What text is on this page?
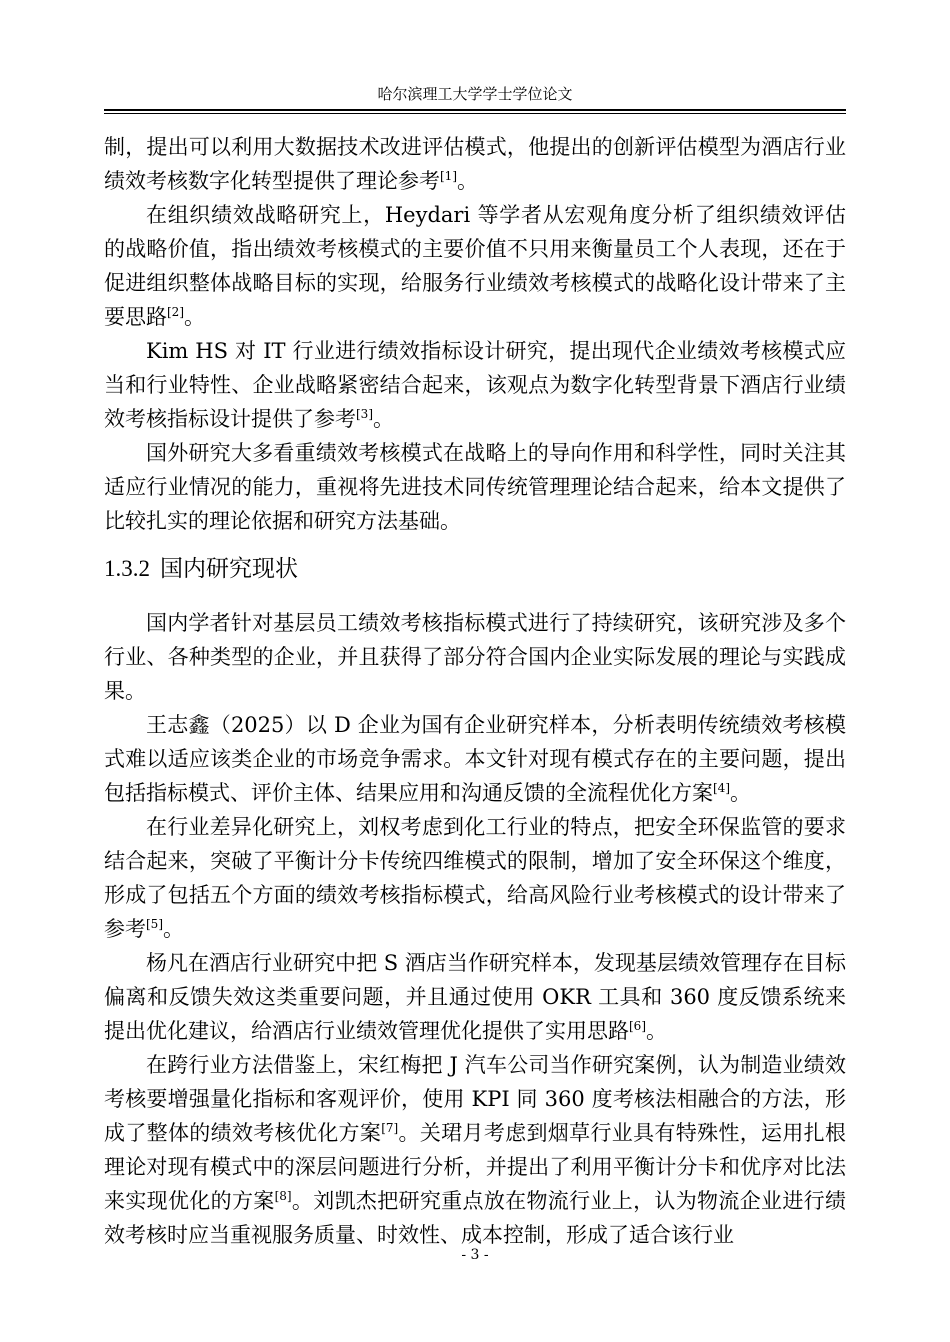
哈尔滨理工大学学士学位论文

制，提出可以利用大数据技术改进评估模式，他提出的创新评估模型为酒店行业绩效考核数字化转型提供了理论参考[1]。

在组织绩效战略研究上，Heydari 等学者从宏观角度分析了组织绩效评估的战略价值，指出绩效考核模式的主要价值不只用来衡量员工个人表现，还在于促进组织整体战略目标的实现，给服务行业绩效考核模式的战略化设计带来了主要思路[2]。

Kim HS 对 IT 行业进行绩效指标设计研究，提出现代企业绩效考核模式应当和行业特性、企业战略紧密结合起来，该观点为数字化转型背景下酒店行业绩效考核指标设计提供了参考[3]。

国外研究大多看重绩效考核模式在战略上的导向作用和科学性，同时关注其适应行业情况的能力，重视将先进技术同传统管理理论结合起来，给本文提供了比较扎实的理论依据和研究方法基础。

1.3.2 国内研究现状

国内学者针对基层员工绩效考核指标模式进行了持续研究，该研究涉及多个行业、各种类型的企业，并且获得了部分符合国内企业实际发展的理论与实践成果。

王志鑫（2025）以 D 企业为国有企业研究样本，分析表明传统绩效考核模式难以适应该类企业的市场竞争需求。本文针对现有模式存在的主要问题，提出包括指标模式、评价主体、结果应用和沟通反馈的全流程优化方案[4]。

在行业差异化研究上，刘权考虑到化工行业的特点，把安全环保监管的要求结合起来，突破了平衡计分卡传统四维模式的限制，增加了安全环保这个维度，形成了包括五个方面的绩效考核指标模式，给高风险行业考核模式的设计带来了参考[5]。

杨凡在酒店行业研究中把 S 酒店当作研究样本，发现基层绩效管理存在目标偏离和反馈失效这类重要问题，并且通过使用 OKR 工具和 360 度反馈系统来提出优化建议，给酒店行业绩效管理优化提供了实用思路[6]。

在跨行业方法借鉴上，宋红梅把 J 汽车公司当作研究案例，认为制造业绩效考核要增强量化指标和客观评价，使用 KPI 同 360 度考核法相融合的方法，形成了整体的绩效考核优化方案[7]。关珺月考虑到烟草行业具有特殊性，运用扎根理论对现有模式中的深层问题进行分析，并提出了利用平衡计分卡和优序对比法来实现优化的方案[8]。刘凯杰把研究重点放在物流行业上，认为物流企业进行绩效考核时应当重视服务质量、时效性、成本控制，形成了适合该行业

- 3 -
